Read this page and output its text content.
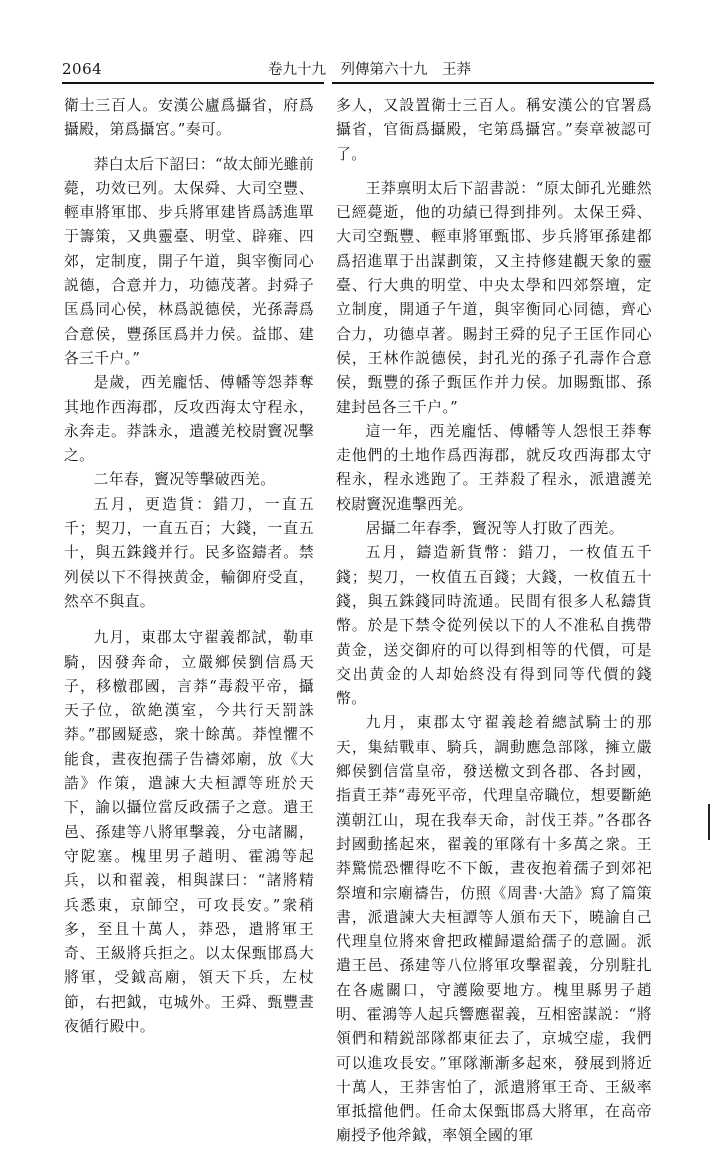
2064	卷九十九　列傳第六十九　王莽

衛士三百人。安漢公廬爲攝省，府爲攝殿，第爲攝宮。”奏可。

莽白太后下詔曰：“故太師光雖前薨，功效已列。太保舜、大司空豐、輕車將軍邯、步兵將軍建皆爲誘進單于籌策，又典靈臺、明堂、辟雍、四郊，定制度，開子午道，與宰衡同心説德，合意并力，功德茂著。封舜子匡爲同心侯，林爲説德侯，光孫壽爲合意侯，豐孫匡爲并力侯。益邯、建各三千户。”

是歲，西羌龐恬、傅幡等怨莽奪其地作西海郡，反攻西海太守程永，永奔走。莽誅永，遣護羌校尉竇况擊之。

二年春，竇况等擊破西羌。

五月，更造貨：錯刀，一直五千；契刀，一直五百；大錢，一直五十，與五銖錢并行。民多盜鑄者。禁列侯以下不得挾黄金，輸御府受直，然卒不與直。

九月，東郡太守翟義都試，勒車騎，因發奔命，立嚴鄉侯劉信爲天子，移檄郡國，言莽“毒殺平帝，攝天子位，欲絶漢室，今共行天罰誅莽。”郡國疑惑，衆十餘萬。莽惶懼不能食，晝夜抱孺子告禱郊廟，放《大誥》作策，遣諫大夫桓譚等班於天下，諭以攝位當反政孺子之意。遣王邑、孫建等八將軍擊義，分屯諸關，守阸塞。槐里男子趙明、霍鴻等起兵，以和翟義，相與謀曰：“諸將精兵悉東，京師空，可攻長安。”衆稍多，至且十萬人，莽恐，遣將軍王奇、王級將兵拒之。以太保甄邯爲大將軍，受鉞高廟，領天下兵，左杖節，右把鉞，屯城外。王舜、甄豐晝夜循行殿中。

多人，又設置衛士三百人。稱安漢公的官署爲攝省，官衙爲攝殿，宅第爲攝宮。”奏章被認可了。

王莽禀明太后下詔書説：“原太師孔光雖然已經薨逝，他的功績已得到排列。太保王舜、大司空甄豐、輕車將軍甄邯、步兵將軍孫建都爲招進單于出謀劃策，又主持修建觀天象的靈臺、行大典的明堂、中央太學和四郊祭壇，定立制度，開通子午道，與宰衡同心同德，齊心合力，功德卓著。賜封王舜的兒子王匡作同心侯，王林作説德侯，封孔光的孫子孔壽作合意侯，甄豐的孫子甄匡作并力侯。加賜甄邯、孫建封邑各三千户。”

這一年，西羌龐恬、傅幡等人怨恨王莽奪走他們的土地作爲西海郡，就反攻西海郡太守程永，程永逃跑了。王莽殺了程永，派遣護羌校尉竇況進擊西羌。

居攝二年春季，竇況等人打敗了西羌。

五月，鑄造新貨幣：錯刀，一枚值五千錢；契刀，一枚值五百錢；大錢，一枚值五十錢，與五銖錢同時流通。民間有很多人私鑄貨幣。於是下禁令從列侯以下的人不准私自携帶黄金，送交御府的可以得到相等的代價，可是交出黄金的人却始終没有得到同等代價的錢幣。

九月，東郡太守翟義趁着總試騎士的那天，集結戰車、騎兵，調動應急部隊，擁立嚴鄉侯劉信當皇帝，發送檄文到各郡、各封國，指責王莽“毒死平帝，代理皇帝職位，想要斷絶漢朝江山，現在我奉天命，討伐王莽。”各郡各封國動搖起來，翟義的軍隊有十多萬之衆。王莽驚慌恐懼得吃不下飯，晝夜抱着孺子到郊祀祭壇和宗廟禱告，仿照《周書·大誥》寫了篇策書，派遣諫大夫桓譚等人頒布天下，曉諭自己代理皇位將來會把政權歸還給孺子的意圖。派遣王邑、孫建等八位將軍攻擊翟義，分别駐扎在各處關口，守護險要地方。槐里縣男子趙明、霍鴻等人起兵響應翟義，互相密謀説：“將領們和精鋭部隊都東征去了，京城空虚，我們可以進攻長安。”軍隊漸漸多起來，發展到將近十萬人，王莽害怕了，派遣將軍王奇、王級率軍抵擋他們。任命太保甄邯爲大將軍，在高帝廟授予他斧鉞，率領全國的軍
